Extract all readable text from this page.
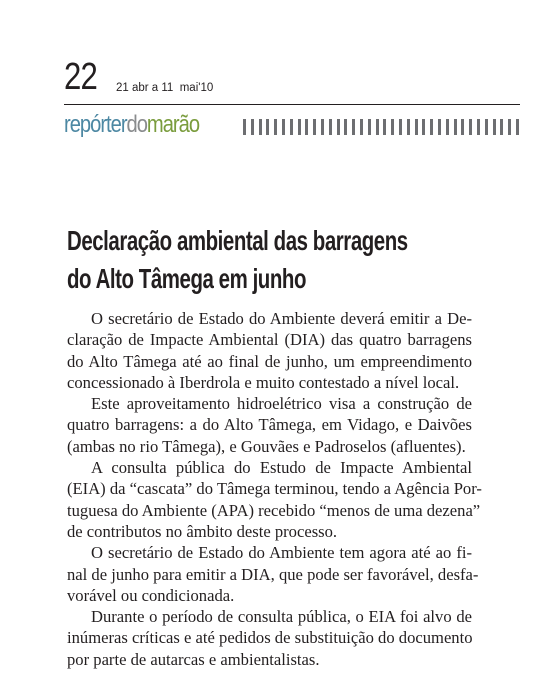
22 21 abr a 11  mai'10
repórterdomarão
Declaração ambiental das barragens
do Alto Tâmega em junho

O secretário de Estado do Ambiente deverá emitir a De-
claração de Impacte Ambiental (DIA) das quatro barragens
do Alto Tâmega até ao final de junho, um empreendimento
concessionado à Iberdrola e muito contestado a nível local.

Este aproveitamento hidroelétrico visa a construção de
quatro barragens: a do Alto Tâmega, em Vidago, e Daivões
(ambas no rio Tâmega), e Gouvães e Padroselos (afluentes).

A consulta pública do Estudo de Impacte Ambiental
(EIA) da “cascata” do Tâmega terminou, tendo a Agência Por-
tuguesa do Ambiente (APA) recebido “menos de uma dezena”
de contributos no âmbito deste processo.

O secretário de Estado do Ambiente tem agora até ao fi-
nal de junho para emitir a DIA, que pode ser favorável, desfa-
vorável ou condicionada.

Durante o período de consulta pública, o EIA foi alvo de
inúmeras críticas e até pedidos de substituição do documento
por parte de autarcas e ambientalistas.
